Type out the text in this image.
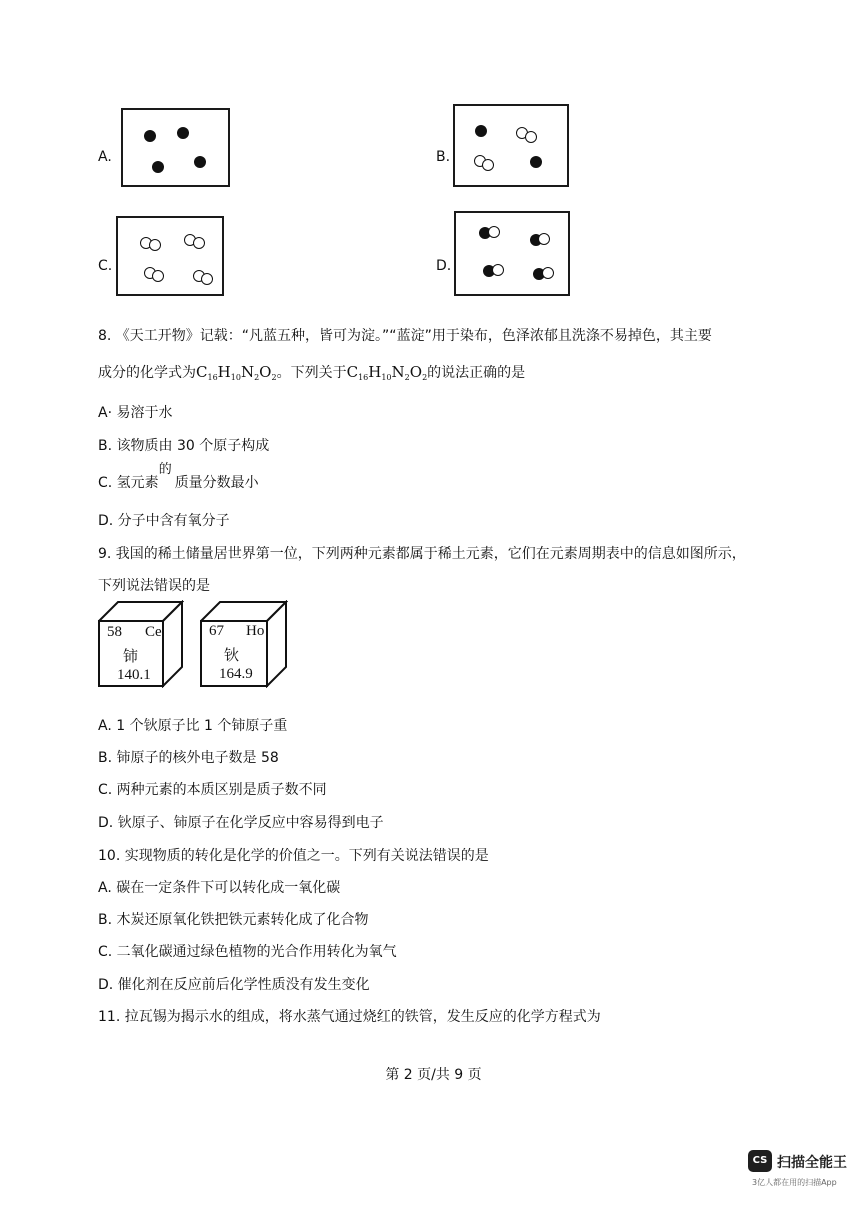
A.	B.
C.	D.
8. 《天工开物》记载：“凡蓝五种，皆可为淀。”“蓝淀”用于染布，色泽浓郁且洗涤不易掉色，其主要
成分的化学式为$C_{16}H_{10}N_2O_2$。下列关于$C_{16}H_{10}N_2O_2$的说法正确的是
A· 易溶于水
B. 该物质由 30 个原子构成
C. 氢元素的质量分数最小
D. 分子中含有氧分子
9. 我国的稀土储量居世界第一位，下列两种元素都属于稀土元素，它们在元素周期表中的信息如图所示，
下列说法错误的是
58 Ce
铈
140.1
67 Ho
钬
164.9
A. 1 个钬原子比 1 个铈原子重
B. 铈原子的核外电子数是 58
C. 两种元素的本质区别是质子数不同
D. 钬原子、铈原子在化学反应中容易得到电子
10. 实现物质的转化是化学的价值之一。下列有关说法错误的是
A. 碳在一定条件下可以转化成一氧化碳
B. 木炭还原氧化铁把铁元素转化成了化合物
C. 二氧化碳通过绿色植物的光合作用转化为氧气
D. 催化剂在反应前后化学性质没有发生变化
11. 拉瓦锡为揭示水的组成，将水蒸气通过烧红的铁管，发生反应的化学方程式为
第 2 页/共 9 页
CS 扫描全能王
3亿人都在用的扫描App
